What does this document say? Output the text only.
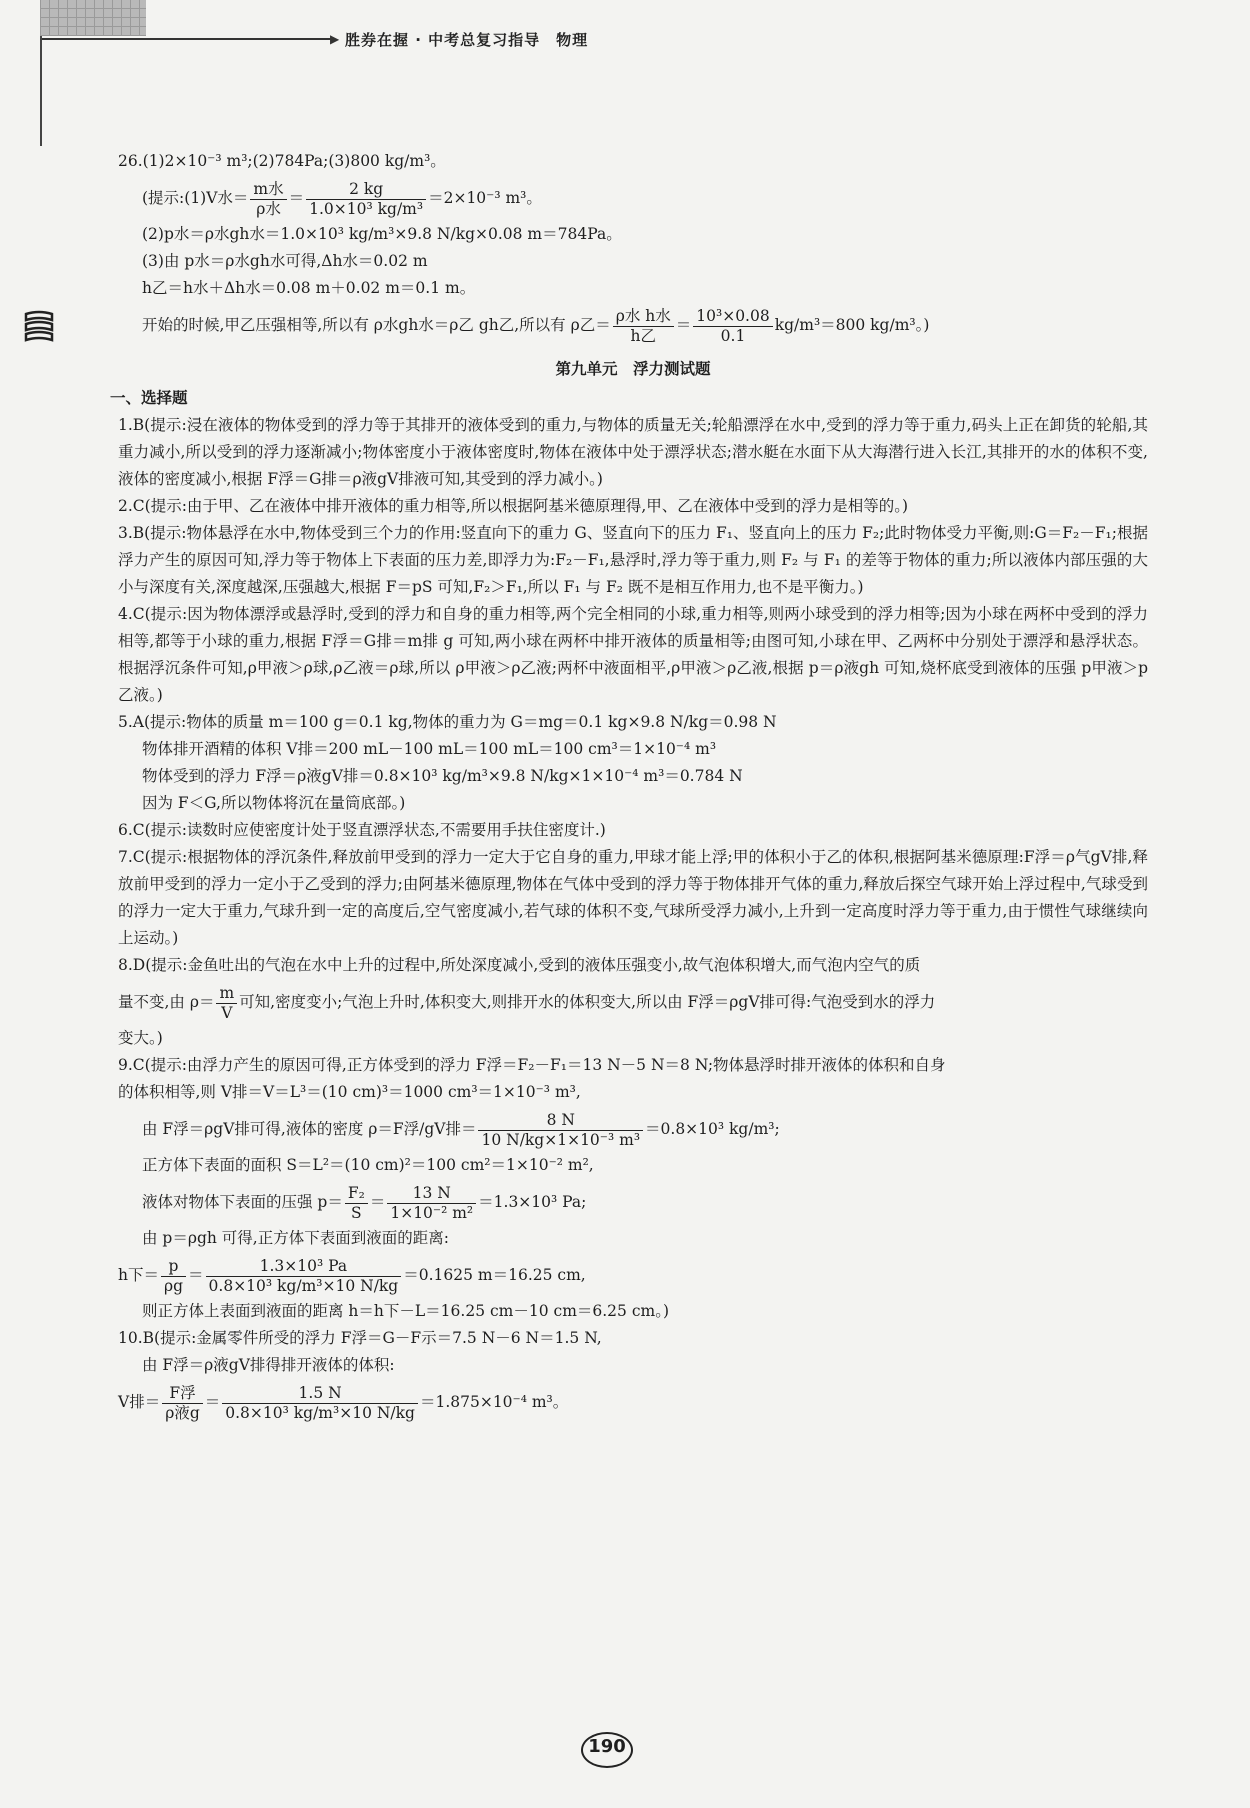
▶ 胜券在握 · 中考总复习指导　物理
26.(1)2×10⁻³ m³;(2)784Pa;(3)800 kg/m³。
(提示:(1)V水＝ $\frac{\text{m水}}{\text{ρ水}} = \frac{2 kg}{\text{1.0×10³ kg/m³}} =2\times 10^{-3}$ m³。
(2)p水＝ρ水gh水＝1.0×10³ kg/m³×9.8 N/kg×0.08 m＝784Pa。
(3)由 p水＝ρ水gh水可得,Δh水＝0.02 m
h乙＝h水＋Δh水＝0.08 m＋0.02 m＝0.1 m。
开始的时候,甲乙压强相等,所以有 ρ水gh水＝ρ乙 gh乙,所以有 ρ乙＝ $\frac{\text{ρ水 h水}}{\text{h乙}} = \frac{\text{10³×0.08}}{0.1} kg/m^3=800$ kg/m³。)
第九单元　浮力测试题
一、选择题
1.B(提示:浸在液体的物体受到的浮力等于其排开的液体受到的重力,与物体的质量无关;轮船漂浮在水中,受到的浮力等于重力,码头上正在卸货的轮船,其重力减小,所以受到的浮力逐渐减小;物体密度小于液体密度时,物体在液体中处于漂浮状态;潜水艇在水面下从大海潜行进入长江,其排开的水的体积不变,液体的密度减小,根据 F浮＝G排＝ρ液gV排液可知,其受到的浮力减小。)
2.C(提示:由于甲、乙在液体中排开液体的重力相等,所以根据阿基米德原理得,甲、乙在液体中受到的浮力是相等的。)
3.B(提示:物体悬浮在水中,物体受到三个力的作用:竖直向下的重力 G、竖直向下的压力 F₁、竖直向上的压力 F₂;此时物体受力平衡,则:G＝F₂－F₁;根据浮力产生的原因可知,浮力等于物体上下表面的压力差,即浮力为:F₂－F₁,悬浮时,浮力等于重力,则 F₂ 与 F₁ 的差等于物体的重力;所以液体内部压强的大小与深度有关,深度越深,压强越大,根据 F＝pS 可知,F₂＞F₁,所以 F₁ 与 F₂ 既不是相互作用力,也不是平衡力。)
4.C(提示:因为物体漂浮或悬浮时,受到的浮力和自身的重力相等,两个完全相同的小球,重力相等,则两小球受到的浮力相等;因为小球在两杯中受到的浮力相等,都等于小球的重力,根据 F浮＝G排＝m排 g 可知,两小球在两杯中排开液体的质量相等;由图可知,小球在甲、乙两杯中分别处于漂浮和悬浮状态。根据浮沉条件可知,ρ甲液＞ρ球,ρ乙液＝ρ球,所以 ρ甲液＞ρ乙液;两杯中液面相平,ρ甲液＞ρ乙液,根据 p＝ρ液gh 可知,烧杯底受到液体的压强 p甲液＞p乙液。)
5.A(提示:物体的质量 m＝100 g＝0.1 kg,物体的重力为 G＝mg＝0.1 kg×9.8 N/kg＝0.98 N
物体排开酒精的体积 V排＝200 mL－100 mL＝100 mL＝100 cm³＝1×10⁻⁴ m³
物体受到的浮力 F浮＝ρ液gV排＝0.8×10³ kg/m³×9.8 N/kg×1×10⁻⁴ m³＝0.784 N
因为 F＜G,所以物体将沉在量筒底部。)
6.C(提示:读数时应使密度计处于竖直漂浮状态,不需要用手扶住密度计.)
7.C(提示:根据物体的浮沉条件,释放前甲受到的浮力一定大于它自身的重力,甲球才能上浮;甲的体积小于乙的体积,根据阿基米德原理:F浮＝ρ气gV排,释放前甲受到的浮力一定小于乙受到的浮力;由阿基米德原理,物体在气体中受到的浮力等于物体排开气体的重力,释放后探空气球开始上浮过程中,气球受到的浮力一定大于重力,气球升到一定的高度后,空气密度减小,若气球的体积不变,气球所受浮力减小,上升到一定高度时浮力等于重力,由于惯性气球继续向上运动。)
8.D(提示:金鱼吐出的气泡在水中上升的过程中,所处深度减小,受到的液体压强变小,故气泡体积增大,而气泡内空气的质
量不变,由 $\rho= \frac{m}{V}$ 可知,密度变小;气泡上升时,体积变大,则排开水的体积变大,所以由 F浮＝ρgV排可得:气泡受到水的浮力
变大。)
9.C(提示:由浮力产生的原因可得,正方体受到的浮力 F浮＝F₂－F₁＝13 N－5 N＝8 N;物体悬浮时排开液体的体积和自身
的体积相等,则 V排＝V＝L³＝(10 cm)³＝1000 cm³＝1×10⁻³ m³,
由 F浮＝ρgV排可得,液体的密度 ρ＝F浮/gV排＝ $\frac{8 N}{\text{10 N/kg×1×10⁻³ m³}} =0.8\times 10^3$ kg/m³;
正方体下表面的面积 S＝L²＝(10 cm)²＝100 cm²＝1×10⁻² m²,
液体对物体下表面的压强 $p= \frac{\text{F₂}}{S} = \frac{13 N}{\text{1×10⁻² m²}} =1.3\times 10^3$ Pa;
由 p＝ρgh 可得,正方体下表面到液面的距离:
h下＝ $\frac{p}{\rho g} = \frac{\text{1.3×10³ Pa}}{\text{0.8×10³ kg/m³×10 N/kg}} =0.1625$ m＝16.25 cm,
则正方体上表面到液面的距离 h＝h下－L＝16.25 cm－10 cm＝6.25 cm。)
10.B(提示:金属零件所受的浮力 F浮＝G－F示＝7.5 N－6 N＝1.5 N,
由 F浮＝ρ液gV排得排开液体的体积:
V排＝ $\frac{\text{F浮}}{\text{ρ液g}} = \frac{1.5 N}{\text{0.8×10³ kg/m³×10 N/kg}} =1.875\times 10^{-4}$ m³。
190
